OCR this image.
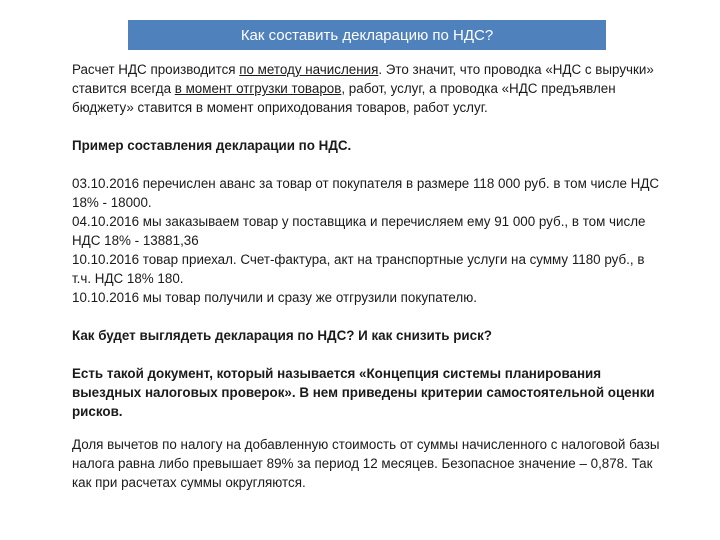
Как составить декларацию по НДС?

Расчет НДС производится по методу начисления. Это значит, что проводка «НДС с выручки» ставится всегда в момент отгрузки товаров, работ, услуг, а проводка «НДС предъявлен бюджету» ставится в момент оприходования товаров, работ услуг.

Пример составления декларации по НДС.

03.10.2016 перечислен аванс за товар от покупателя в размере 118 000 руб. в том числе НДС 18% - 18000.

04.10.2016 мы заказываем товар у поставщика и перечисляем ему 91 000 руб., в том числе НДС 18% - 13881,36

10.10.2016 товар приехал. Счет-фактура, акт на транспортные услуги на сумму 1180 руб., в т.ч. НДС 18% 180.

10.10.2016 мы товар получили и сразу же отгрузили покупателю.

Как будет выглядеть декларация по НДС? И как снизить риск?

Есть такой документ, который называется «Концепция системы планирования выездных налоговых проверок». В нем приведены критерии самостоятельной оценки рисков.

Доля вычетов по налогу на добавленную стоимость от суммы начисленного с налоговой базы налога равна либо превышает 89% за период 12 месяцев. Безопасное значение – 0,878. Так как при расчетах суммы округляются.
